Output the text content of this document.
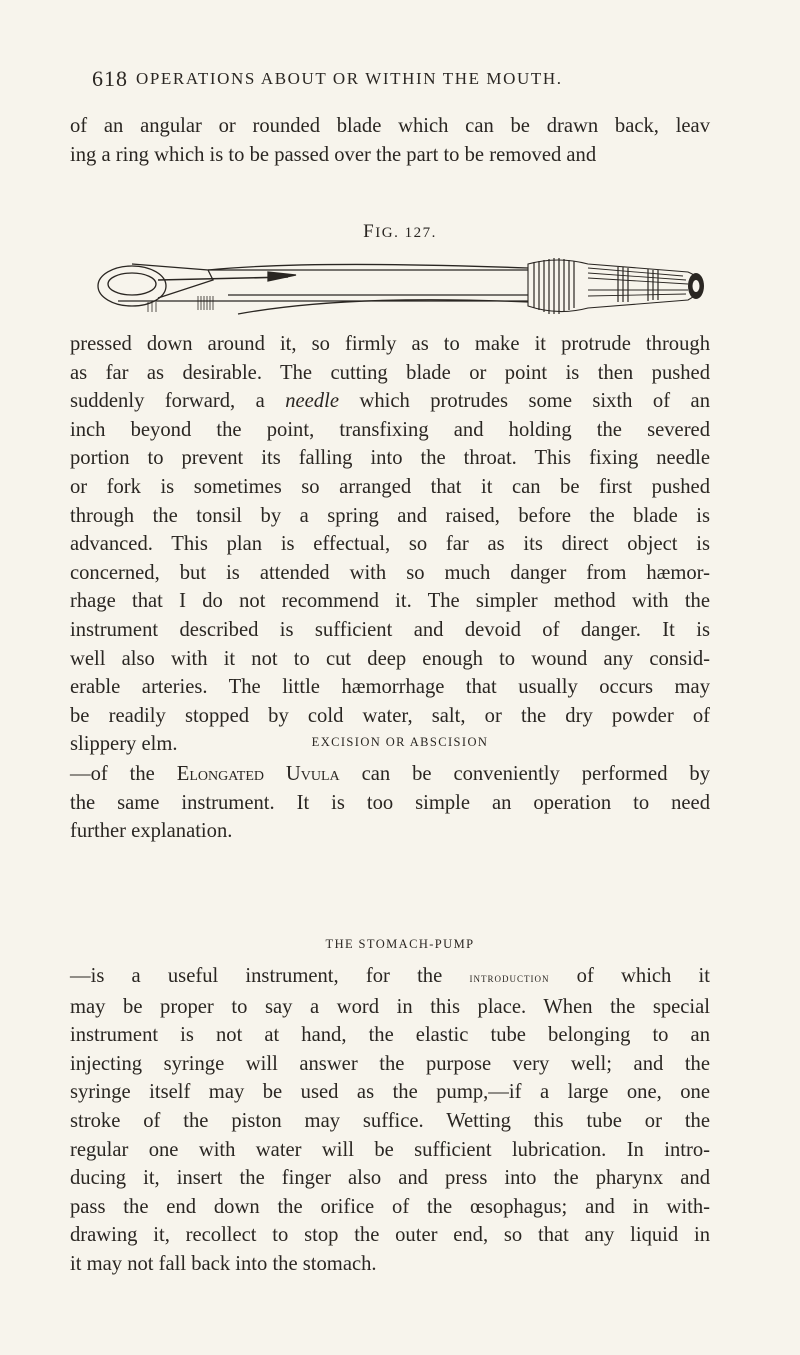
618 OPERATIONS ABOUT OR WITHIN THE MOUTH.
of an angular or rounded blade which can be drawn back, leav
ing a ring which is to be passed over the part to be removed and
FIG. 127.
pressed down around it, so firmly as to make it protrude through
as far as desirable. The cutting blade or point is then pushed
suddenly forward, a needle which protrudes some sixth of an
inch beyond the point, transfixing and holding the severed
portion to prevent its falling into the throat. This fixing needle
or fork is sometimes so arranged that it can be first pushed
through the tonsil by a spring and raised, before the blade is
advanced. This plan is effectual, so far as its direct object is
concerned, but is attended with so much danger from hæmor-
rhage that I do not recommend it. The simpler method with the
instrument described is sufficient and devoid of danger. It is
well also with it not to cut deep enough to wound any consid-
erable arteries. The little hæmorrhage that usually occurs may
be readily stopped by cold water, salt, or the dry powder of
slippery elm.	EXCISION OR ABSCISION
—of the Elongated Uvula can be conveniently performed by
the same instrument. It is too simple an operation to need
further explanation.
THE STOMACH-PUMP
—is a useful instrument, for the introduction of which it
may be proper to say a word in this place. When the special
instrument is not at hand, the elastic tube belonging to an
injecting syringe will answer the purpose very well; and the
syringe itself may be used as the pump,—if a large one, one
stroke of the piston may suffice. Wetting this tube or the
regular one with water will be sufficient lubrication. In intro-
ducing it, insert the finger also and press into the pharynx and
pass the end down the orifice of the œsophagus; and in with-
drawing it, recollect to stop the outer end, so that any liquid in
it may not fall back into the stomach.
